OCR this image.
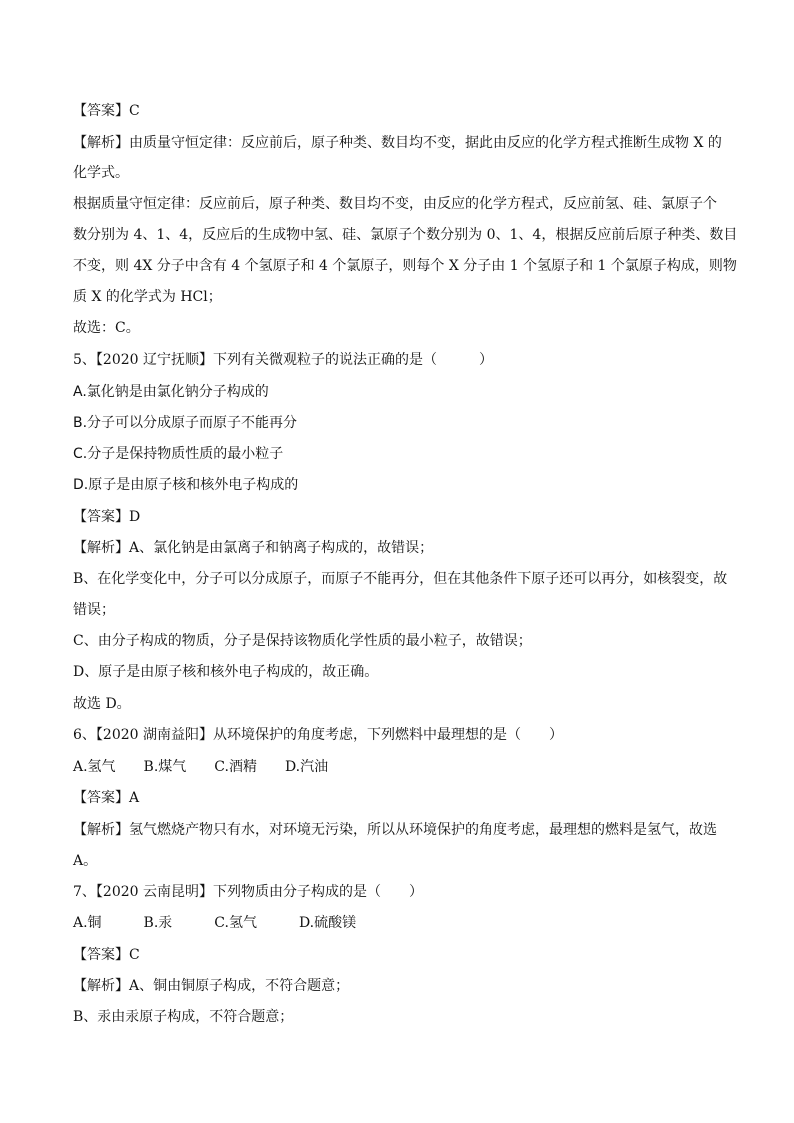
【答案】C
【解析】由质量守恒定律：反应前后，原子种类、数目均不变，据此由反应的化学方程式推断生成物 X 的
化学式。
根据质量守恒定律：反应前后，原子种类、数目均不变，由反应的化学方程式，反应前氢、硅、氯原子个
数分别为 4、1、4，反应后的生成物中氢、硅、氯原子个数分别为 0、1、4，根据反应前后原子种类、数目
不变，则 4X 分子中含有 4 个氢原子和 4 个氯原子，则每个 X 分子由 1 个氢原子和 1 个氯原子构成，则物
质 X 的化学式为 HCl；
故选：C。
5、【2020 辽宁抚顺】下列有关微观粒子的说法正确的是（　　　）
A.氯化钠是由氯化钠分子构成的
B.分子可以分成原子而原子不能再分
C.分子是保持物质性质的最小粒子
D.原子是由原子核和核外电子构成的
【答案】D
【解析】A、氯化钠是由氯离子和钠离子构成的，故错误；
B、在化学变化中，分子可以分成原子，而原子不能再分，但在其他条件下原子还可以再分，如核裂变，故
错误；
C、由分子构成的物质，分子是保持该物质化学性质的最小粒子，故错误；
D、原子是由原子核和核外电子构成的，故正确。
故选 D。
6、【2020 湖南益阳】从环境保护的角度考虑，下列燃料中最理想的是（　　）
A.氢气　　B.煤气　　C.酒精　　D.汽油
【答案】A
【解析】氢气燃烧产物只有水，对环境无污染，所以从环境保护的角度考虑，最理想的燃料是氢气，故选
A。
7、【2020 云南昆明】下列物质由分子构成的是（　　）
A.铜　　　B.汞　　　C.氢气　　　D.硫酸镁
【答案】C
【解析】A、铜由铜原子构成，不符合题意；
B、汞由汞原子构成，不符合题意；
